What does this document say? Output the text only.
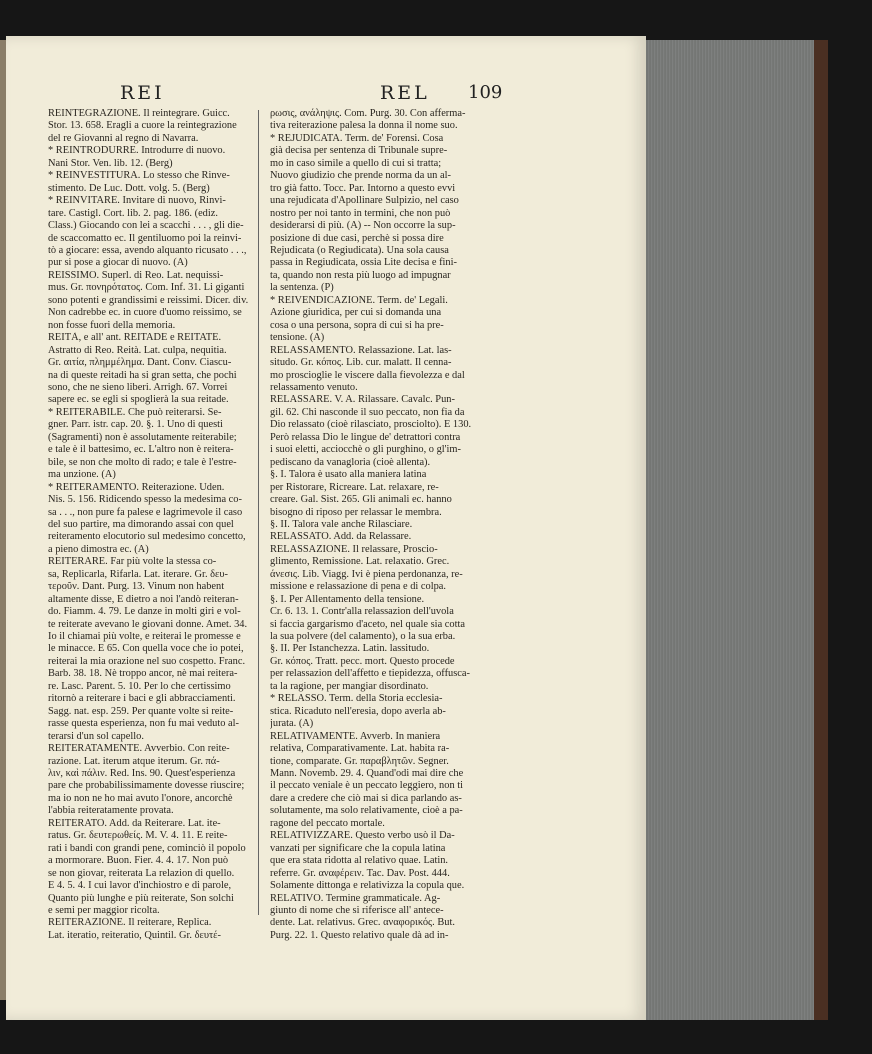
REI	REL 109
REINTEGRAZIONE. Il reintegrare. Guicc.
Stor. 13. 658. Eragli a cuore la reintegrazione
del re Giovanni al regno di Navarra.
* REINTRODURRE. Introdurre di nuovo.
Nani Stor. Ven. lib. 12. (Berg)
* REINVESTITURA. Lo stesso che Rinve-
stimento. De Luc. Dott. volg. 5. (Berg)
* REINVITARE. Invitare di nuovo, Rinvi-
tare. Castigl. Cort. lib. 2. pag. 186. (ediz.
Class.) Giocando con lei a scacchi . . . , gli die-
de scaccomatto ec. Il gentiluomo poi la reinvi-
tò a giocare: essa, avendo alquanto ricusato . . .,
pur si pose a giocar di nuovo. (A)
REISSIMO. Superl. di Reo. Lat. nequissi-
mus. Gr. πονηρότατος. Com. Inf. 31. Li giganti
sono potenti e grandissimi e reissimi. Dicer. div.
Non cadrebbe ec. in cuore d'uomo reissimo, se
non fosse fuori della memoria.
REITÀ, e all' ant. REITADE e REITATE.
Astratto di Reo. Reità. Lat. culpa, nequitia.
Gr. αιτία, πλημμέλημα. Dant. Conv. Ciascu-
na di queste reitadi ha si gran setta, che pochi
sono, che ne sieno liberi. Arrigh. 67. Vorrei
sapere ec. se egli si spoglierà la sua reitade.
* REITERABILE. Che può reiterarsi. Se-
gner. Parr. istr. cap. 20. §. 1. Uno di questi
(Sagramenti) non è assolutamente reiterabile;
e tale è il battesimo, ec. L'altro non è reitera-
bile, se non che molto di rado; e tale è l'estre-
ma unzione. (A)
* REITERAMENTO. Reiterazione. Uden.
Nis. 5. 156. Ridicendo spesso la medesima co-
sa . . ., non pure fa palese e lagrimevole il caso
del suo partire, ma dimorando assai con quel
reiteramento elocutorio sul medesimo concetto,
a pieno dimostra ec. (A)
REITERARE. Far più volte la stessa co-
sa, Replicarla, Rifarla. Lat. iterare. Gr. δευ-
τεροῦν. Dant. Purg. 13. Vinum non habent
altamente disse, E dietro a noi l'andò reiteran-
do. Fiamm. 4. 79. Le danze in molti giri e vol-
te reiterate avevano le giovani donne. Amet. 34.
Io il chiamai più volte, e reiterai le promesse e
le minacce. E 65. Con quella voce che io potei,
reiterai la mia orazione nel suo cospetto. Franc.
Barb. 38. 18. Nè troppo ancor, nè mai reitera-
re. Lasc. Parent. 5. 10. Per lo che certissimo
ritornò a reiterare i baci e gli abbracciamenti.
Sagg. nat. esp. 259. Per quante volte si reite-
rasse questa esperienza, non fu mai veduto al-
terarsi d'un sol capello.
REITERATAMENTE. Avverbio. Con reite-
razione. Lat. iterum atque iterum. Gr. πά-
λιν, καὶ πάλιν. Red. Ins. 90. Quest'esperienza
pare che probabilissimamente dovesse riuscire;
ma io non ne ho mai avuto l'onore, ancorchè
l'abbia reiteratamente provata.
REITERATO. Add. da Reiterare. Lat. ite-
ratus. Gr. δευτερωθείς. M. V. 4. 11. E reite-
rati i bandi con grandi pene, cominciò il popolo
a mormorare. Buon. Fier. 4. 4. 17. Non può
se non giovar, reiterata La relazion di quello.
E 4. 5. 4. I cui lavor d'inchiostro e di parole,
Quanto più lunghe e più reiterate, Son solchi
e semi per maggior ricolta.
REITERAZIONE. Il reiterare, Replica.
Lat. iteratio, reiteratio, Quintil. Gr. δευτέ-
ρωσις, ανάληψις. Com. Purg. 30. Con afferma-
tiva reiterazione palesa la donna il nome suo.
* REJUDICATA. Term. de' Forensi. Cosa
già decisa per sentenza di Tribunale supre-
mo in caso simile a quello di cui si tratta;
Nuovo giudizio che prende norma da un al-
tro già fatto. Tocc. Par. Intorno a questo evvi
una rejudicata d'Apollinare Sulpizio, nel caso
nostro per noi tanto in termini, che non può
desiderarsi di più. (A) -- Non occorre la sup-
posizione di due casi, perchè si possa dire
Rejudicata (o Regiudicata). Una sola causa
passa in Regiudicata, ossia Lite decisa e fini-
ta, quando non resta più luogo ad impugnar
la sentenza. (P)
* REIVENDICAZIONE. Term. de' Legali.
Azione giuridica, per cui si domanda una
cosa o una persona, sopra di cui si ha pre-
tensione. (A)
RELASSAMENTO. Relassazione. Lat. las-
situdo. Gr. κόπος. Lib. cur. malatt. Il cenna-
mo proscioglie le viscere dalla fievolezza e dal
relassamento venuto.
RELASSARE. V. A. Rilassare. Cavalc. Pun-
gil. 62. Chi nasconde il suo peccato, non fia da
Dio relassato (cioè rilasciato, prosciolto). E 130.
Però relassa Dio le lingue de' detrattori contra
i suoi eletti, acciocchè o gli purghino, o gl'im-
pediscano da vanagloria (cioè allenta).
§. I. Talora è usato alla maniera latina
per Ristorare, Ricreare. Lat. relaxare, re-
creare. Gal. Sist. 265. Gli animali ec. hanno
bisogno di riposo per relassar le membra.
§. II. Talora vale anche Rilasciare.
RELASSATO. Add. da Relassare.
RELASSAZIONE. Il relassare, Proscio-
glimento, Remissione. Lat. relaxatio. Grec.
άνεσις. Lib. Viagg. Ivi è piena perdonanza, re-
missione e relassazione di pena e di colpa.
§. I. Per Allentamento della tensione.
Cr. 6. 13. 1. Contr'alla relassazion dell'uvola
si faccia gargarismo d'aceto, nel quale sia cotta
la sua polvere (del calamento), o la sua erba.
§. II. Per Istanchezza. Latin. lassitudo.
Gr. κόπος. Tratt. pecc. mort. Questo procede
per relassazion dell'affetto e tiepidezza, offusca-
ta la ragione, per mangiar disordinato.
* RELASSO. Term. della Storia ecclesia-
stica. Ricaduto nell'eresia, dopo averla ab-
jurata. (A)
RELATIVAMENTE. Avverb. In maniera
relativa, Comparativamente. Lat. habita ra-
tione, comparate. Gr. παραβλητῶν. Segner.
Mann. Novemb. 29. 4. Quand'odi mai dire che
il peccato veniale è un peccato leggiero, non ti
dare a credere che ciò mai si dica parlando as-
solutamente, ma solo relativamente, cioè a pa-
ragone del peccato mortale.
RELATIVIZZARE. Questo verbo usò il Da-
vanzati per significare che la copula latina
que era stata ridotta al relativo quae. Latin.
referre. Gr. αναφέρειν. Tac. Dav. Post. 444.
Solamente dittonga e relativizza la copula que.
RELATIVO. Termine grammaticale. Ag-
giunto di nome che si riferisce all' antece-
dente. Lat. relativus. Grec. αναφορικός. But.
Purg. 22. 1. Questo relativo quale dà ad in-
